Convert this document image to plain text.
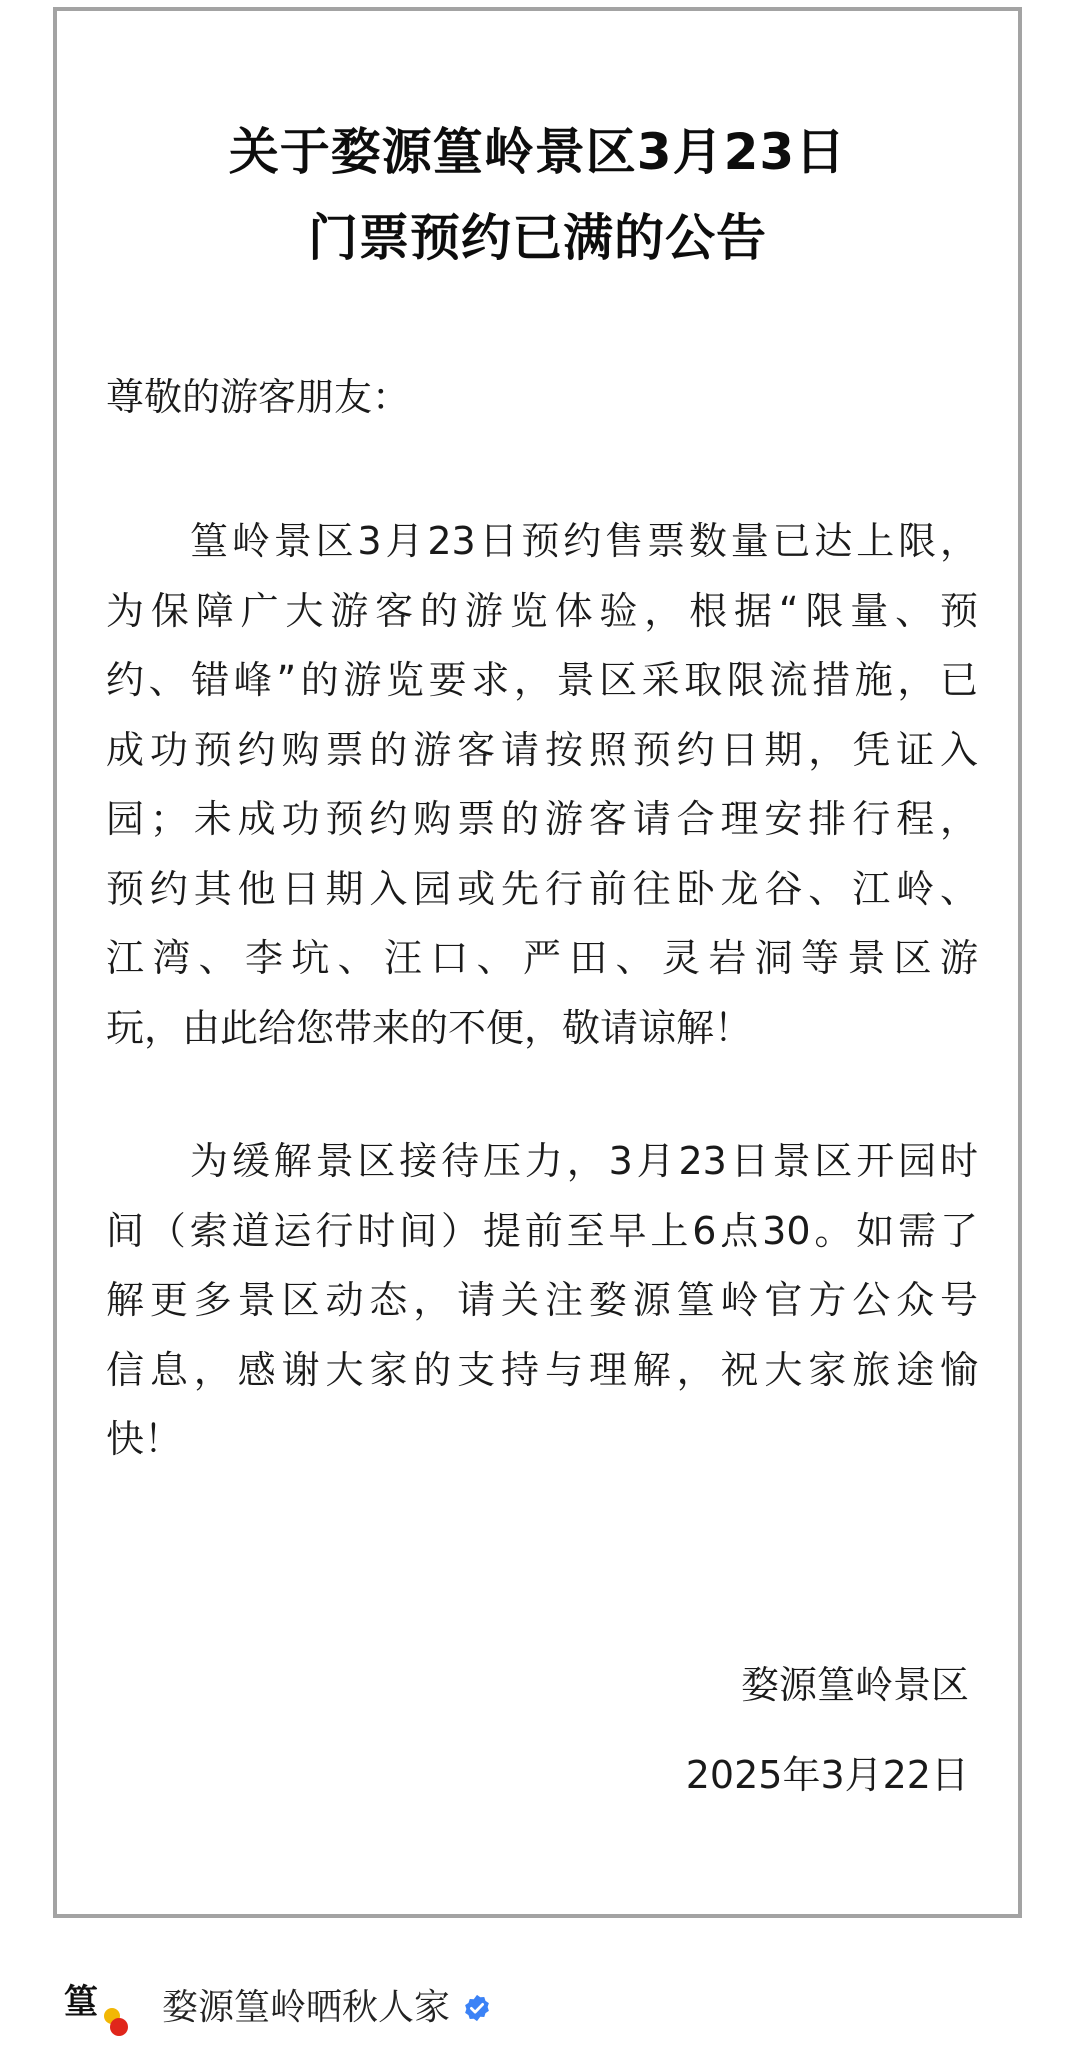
关于婺源篁岭景区3月23日
门票预约已满的公告
尊敬的游客朋友：
篁岭景区3月23日预约售票数量已达上限，
为保障广大游客的游览体验，根据“限量、预
约、错峰”的游览要求，景区采取限流措施，已
成功预约购票的游客请按照预约日期，凭证入
园；未成功预约购票的游客请合理安排行程，
预约其他日期入园或先行前往卧龙谷、江岭、
江湾、李坑、汪口、严田、灵岩洞等景区游
玩，由此给您带来的不便，敬请谅解！
为缓解景区接待压力，3月23日景区开园时
间（索道运行时间）提前至早上6点30。如需了
解更多景区动态，请关注婺源篁岭官方公众号
信息，感谢大家的支持与理解，祝大家旅途愉
快！
婺源篁岭景区
2025年3月22日
篁 婺源篁岭晒秋人家
